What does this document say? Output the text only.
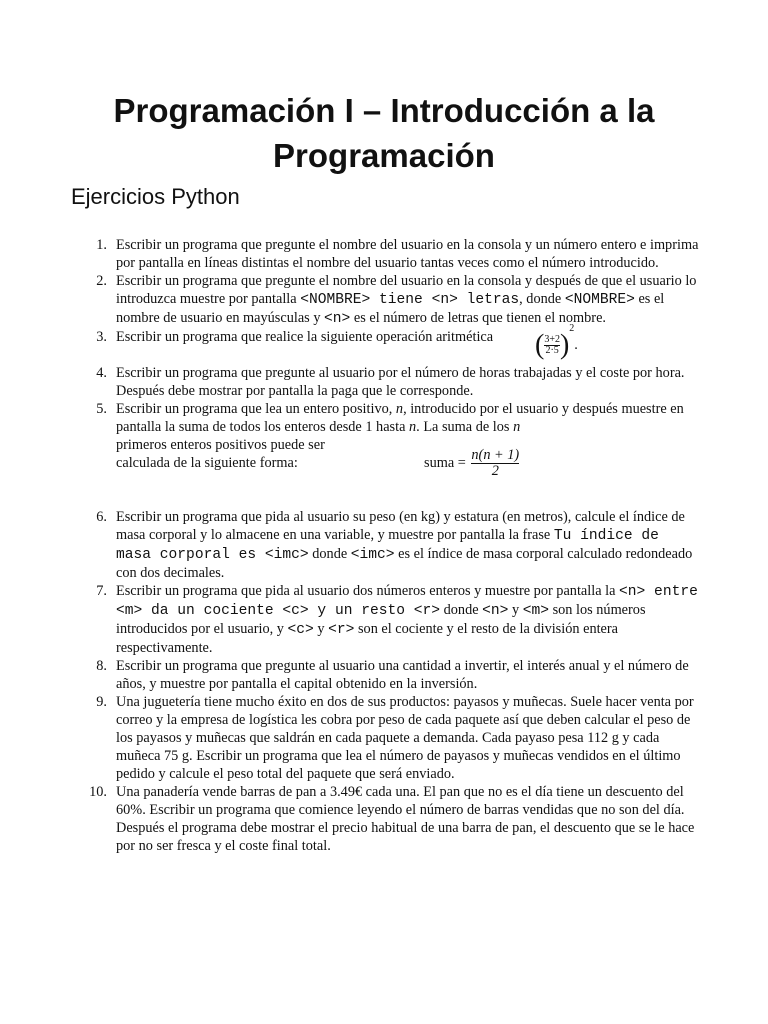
Programación I – Introducción a la Programación
Ejercicios Python
1. Escribir un programa que pregunte el nombre del usuario en la consola y un número entero e imprima por pantalla en líneas distintas el nombre del usuario tantas veces como el número introducido.
2. Escribir un programa que pregunte el nombre del usuario en la consola y después de que el usuario lo introduzca muestre por pantalla <NOMBRE> tiene <n> letras, donde <NOMBRE> es el nombre de usuario en mayúsculas y <n> es el número de letras que tienen el nombre.
3. Escribir un programa que realice la siguiente operación aritmética ( $\frac{3+2}{2\cdot 5} )^2$.
4. Escribir un programa que pregunte al usuario por el número de horas trabajadas y el coste por hora. Después debe mostrar por pantalla la paga que le corresponde.
5. Escribir un programa que lea un entero positivo, n, introducido por el usuario y después muestre en pantalla la suma de todos los enteros desde 1 hasta n. La suma de los nprimeros enteros positivos puede ser calculada de la siguiente forma:	suma = $\frac{n(n + 1)}{2}$
6. Escribir un programa que pida al usuario su peso (en kg) y estatura (en metros), calcule el índice de masa corporal y lo almacene en una variable, y muestre por pantalla la frase Tu índice de masa corporal es <imc> donde <imc> es el índice de masa corporal calculado redondeado con dos decimales.
7. Escribir un programa que pida al usuario dos números enteros y muestre por pantalla la <n> entre <m> da un cociente <c> y un resto <r> donde <n> y <m> son los números introducidos por el usuario, y <c> y <r> son el cociente y el resto de la división entera respectivamente.
8. Escribir un programa que pregunte al usuario una cantidad a invertir, el interés anual y el número de años, y muestre por pantalla el capital obtenido en la inversión.
9. Una juguetería tiene mucho éxito en dos de sus productos: payasos y muñecas. Suele hacer venta por correo y la empresa de logística les cobra por peso de cada paquete así que deben calcular el peso de los payasos y muñecas que saldrán en cada paquete a demanda. Cada payaso pesa 112 g y cada muñeca 75 g. Escribir un programa que lea el número de payasos y muñecas vendidos en el último pedido y calcule el peso total del paquete que será enviado.
10. Una panadería vende barras de pan a 3.49€ cada una. El pan que no es el día tiene un descuento del 60%. Escribir un programa que comience leyendo el número de barras vendidas que no son del día. Después el programa debe mostrar el precio habitual de una barra de pan, el descuento que se le hace por no ser fresca y el coste final total.
